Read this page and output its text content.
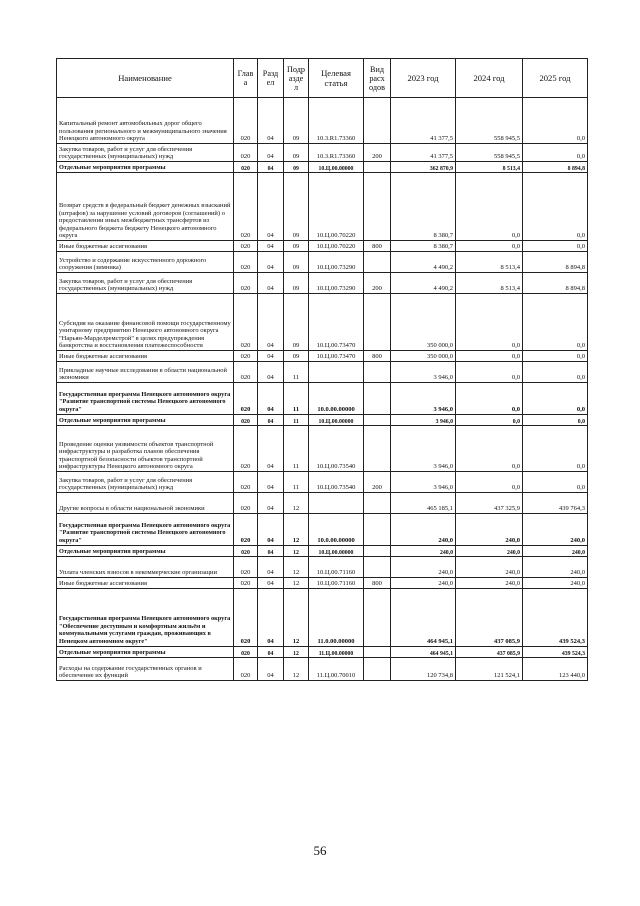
Наименование	Глав а	Разд ел	Подр азде л	Целевая статья	Вид расх одов	2023 год	2024 год	2025 год
Капитальный ремонт автомобильных дорог общего пользования регионального и межмуниципального значения Ненецкого автономного округа	020	04	09	10.3.R1.73360		41 377,5	558 945,5	0,0
Закупка товаров, работ и услуг для обеспечения государственных (муниципальных) нужд	020	04	09	10.3.R1.73360	200	41 377,5	558 945,5	0,0
Отдельные мероприятия программы	020	04	09	10.Ц.00.00000		362 870,9	8 513,4	8 894,8
Возврат средств в федеральный бюджет денежных взысканий (штрафов) за нарушение условий договоров (соглашений) о предоставлении иных межбюджетных трансфертов из федерального бюджета бюджету Ненецкого автономного округа	020	04	09	10.Ц.00.70220		8 380,7	0,0	0,0
Иные бюджетные ассигнования	020	04	09	10.Ц.00.70220	800	8 380,7	0,0	0,0
Устройство и содержание искусственного дорожного сооружения (зимника)	020	04	09	10.Ц.00.73290		4 490,2	8 513,4	8 894,8
Закупка товаров, работ и услуг для обеспечения государственных (муниципальных) нужд	020	04	09	10.Ц.00.73290	200	4 490,2	8 513,4	8 894,8
Субсидия на оказание финансовой помощи государственному унитарному предприятию Ненецкого автономного округа "Нарьян-Марделремстрой" в целях предупреждения банкротства и восстановления платежеспособности	020	04	09	10.Ц.00.73470		350 000,0	0,0	0,0
Иные бюджетные ассигнования	020	04	09	10.Ц.00.73470	800	350 000,0	0,0	0,0
Прикладные научные исследования в области национальной экономики	020	04	11			3 946,0	0,0	0,0
Государственная программа Ненецкого автономного округа "Развитие транспортной системы Ненецкого автономного округа"	020	04	11	10.0.00.00000		3 946,0	0,0	0,0
Отдельные мероприятия программы	020	04	11	10.Ц.00.00000		3 946,0	0,0	0,0
Проведение оценки уязвимости объектов транспортной инфраструктуры и разработка планов обеспечения транспортной безопасности объектов транспортной инфраструктуры Ненецкого автономного округа	020	04	11	10.Ц.00.73540		3 946,0	0,0	0,0
Закупка товаров, работ и услуг для обеспечения государственных (муниципальных) нужд	020	04	11	10.Ц.00.73540	200	3 946,0	0,0	0,0
Другие вопросы в области национальной экономики	020	04	12			465 185,1	437 325,9	439 764,3
Государственная программа Ненецкого автономного округа "Развитие транспортной системы Ненецкого автономного округа"	020	04	12	10.0.00.00000		240,0	240,0	240,0
Отдельные мероприятия программы	020	04	12	10.Ц.00.00000		240,0	240,0	240,0
Уплата членских взносов в некоммерческие организации	020	04	12	10.Ц.00.71160		240,0	240,0	240,0
Иные бюджетные ассигнования	020	04	12	10.Ц.00.71160	800	240,0	240,0	240,0
Государственная программа Ненецкого автономного округа "Обеспечение доступным и комфортным жильём и коммунальными услугами граждан, проживающих в Ненецком автономном округе"	020	04	12	11.0.00.00000		464 945,1	437 085,9	439 524,3
Отдельные мероприятия программы	020	04	12	11.Ц.00.00000		464 945,1	437 085,9	439 524,3
Расходы на содержание государственных органов и обеспечение их функций	020	04	12	11.Ц.00.70010		120 734,8	121 524,1	123 440,0
56
